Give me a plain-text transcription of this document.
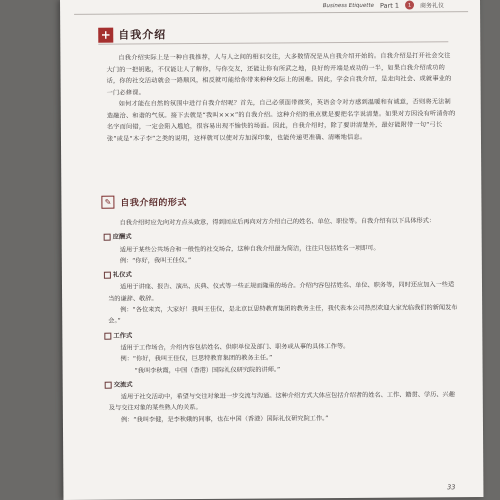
Business Etiquette Part 1	1	商务礼仪
+ 自我介绍

自我介绍实际上是一种自我推荐，人与人之间的相识交往，大多数情况是从自我介绍开始的。自我介绍是打开社会交往大门的一把钥匙，不仅能让人了解你，与你交友，还能让你有所武之地，良好的开端是成功的一半，如果自我介绍成功的话，你的社交活动就会一路顺风，相反就可能给你带来种种交际上的困难。因此，学会自我介绍，是走向社会、成就事业的一门必修课。

如何才能在自然的氛围中进行自我介绍呢？首先，自己必须面带微笑，英语会令对方感到温暖和有诚意，否则将无法制造融洽、和谐的气氛。接下去就是“我叫×××”的自我介绍。这种介绍的重点就是要把名字说清楚。如果对方因没有听清你的名字而问错，一定会陷入尴尬，很容易出现不愉快的场面。因此，自我介绍时，除了要讲清楚外，最好能附带一句“弓长张”或是“木子李”之类的说明，这样就可以使对方加深印象，也能传递更准确、清晰地信息。

✎	自我介绍的形式

自我介绍时应先向对方点头致意，得到回应后再向对方介绍自己的姓名、单位、职位等。自我介绍有以下具体形式：

应酬式

适用于某些公共场合和一般性的社交场合，这种自我介绍最为简洁，往往只包括姓名一项即可。

例：“你好，我叫王佳仪。”

礼仪式

适用于讲座、报告、演出、庆典、仪式等一些正规而隆重的场合。介绍内容包括姓名、单位、职务等，同时还应加入一些适当的谦辞、敬辞。

例：“各位来宾，大家好！我叫王佳仪，是北京巨思特教育集团的教务主任，我代表本公司热烈欢迎大家光临我们的新闻发布会。”

工作式

适用于工作场合，介绍内容包括姓名、供职单位及部门、职务或从事的具体工作等。

例：“你好，我叫王佳仪，巨思特教育集团的教务主任。”

“我叫李秋霞，中国（香港）国际礼仪研究院的讲师。”

交流式

适用于社交活动中，希望与交往对象进一步交流与沟通。这种介绍方式大体应包括介绍者的姓名、工作、籍贯、学历、兴趣及与交往对象的某些熟人的关系。

例：“我叫李健，是李秋娥的同事，也在中国（香港）国际礼仪研究院工作。”

33
